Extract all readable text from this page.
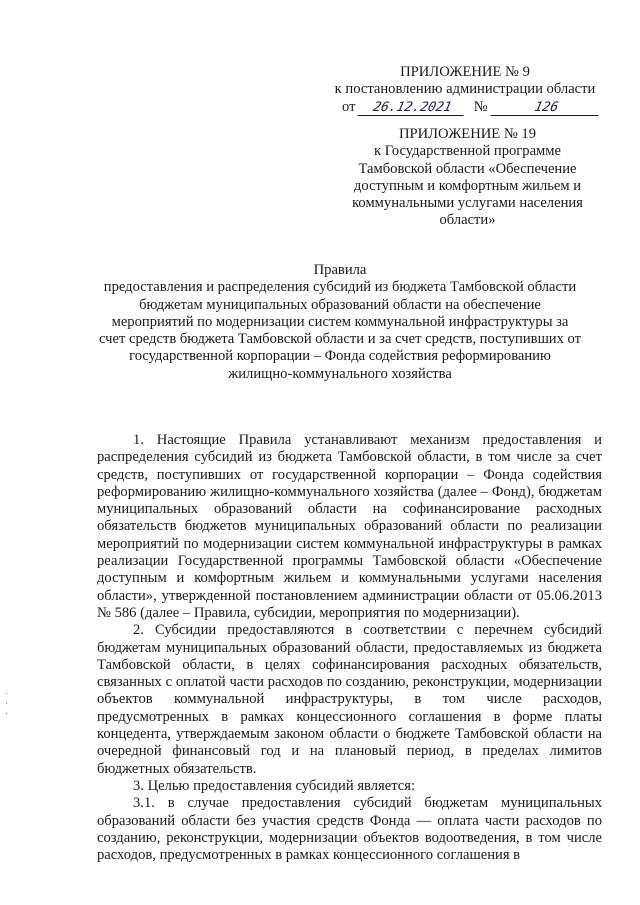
ПРИЛОЖЕНИЕ № 9
к постановлению администрации области
от	26.12.2021	№	126
ПРИЛОЖЕНИЕ № 19
к Государственной программе
Тамбовской области «Обеспечение
доступным и комфортным жильем и
коммунальными услугами населения
области»
Правила
предоставления и распределения субсидий из бюджета Тамбовской области
бюджетам муниципальных образований области на обеспечение
мероприятий по модернизации систем коммунальной инфраструктуры за
счет средств бюджета Тамбовской области и за счет средств, поступивших от
государственной корпорации – Фонда содействия реформированию
жилищно-коммунального хозяйства

1. Настоящие Правила устанавливают механизм предоставления и распределения субсидий из бюджета Тамбовской области, в том числе за счет средств, поступивших от государственной корпорации – Фонда содействия реформированию жилищно-коммунального хозяйства (далее – Фонд), бюджетам муниципальных образований области на софинансирование расходных обязательств бюджетов муниципальных образований области по реализации мероприятий по модернизации систем коммунальной инфраструктуры в рамках реализации Государственной программы Тамбовской области «Обеспечение доступным и комфортным жильем и коммунальными услугами населения области», утвержденной постановлением администрации области от 05.06.2013 № 586 (далее – Правила, субсидии, мероприятия по модернизации).

2. Субсидии предоставляются в соответствии с перечнем субсидий бюджетам муниципальных образований области, предоставляемых из бюджета Тамбовской области, в целях софинансирования расходных обязательств, связанных с оплатой части расходов по созданию, реконструкции, модернизации объектов коммунальной инфраструктуры, в том числе расходов, предусмотренных в рамках концессионного соглашения в форме платы концедента, утверждаемым законом области о бюджете Тамбовской области на очередной финансовый год и на плановый период, в пределах лимитов бюджетных обязательств.

3. Целью предоставления субсидий является:

3.1. в случае предоставления субсидий бюджетам муниципальных образований области без участия средств Фонда — оплата части расходов по созданию, реконструкции, модернизации объектов водоотведения, в том числе расходов, предусмотренных в рамках концессионного соглашения в

·
·
·
